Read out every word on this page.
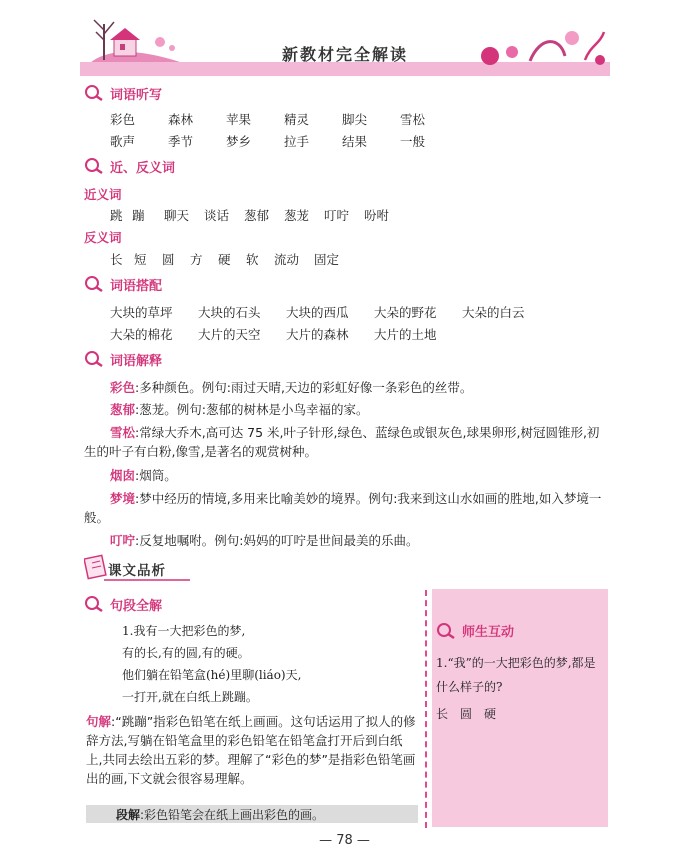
新教材完全解读
词语听写
彩色	森林	苹果	精灵	脚尖	雪松
歌声	季节	梦乡	拉手	结果	一般
近、反义词
近义词
跳 蹦 聊天 谈话 葱郁 葱茏 叮咛 吩咐
反义词
长 短 圆 方 硬 软 流动 固定
词语搭配
大块的草坪 大块的石头 大块的西瓜 大朵的野花 大朵的白云
大朵的棉花 大片的天空 大片的森林 大片的土地
词语解释
彩色:多种颜色。例句:雨过天晴,天边的彩虹好像一条彩色的丝带。
葱郁:葱茏。例句:葱郁的树林是小鸟幸福的家。
雪松:常绿大乔木,高可达 75 米,叶子针形,绿色、蓝绿色或银灰色,球果卵形,树冠圆锥形,初生的叶子有白粉,像雪,是著名的观赏树种。
烟囱:烟筒。
梦境:梦中经历的情境,多用来比喻美妙的境界。例句:我来到这山水如画的胜地,如入梦境一般。
叮咛:反复地嘱咐。例句:妈妈的叮咛是世间最美的乐曲。
课文品析
句段全解
1.我有一大把彩色的梦,
有的长,有的圆,有的硬。
他们躺在铅笔盒(hé)里聊(liáo)天,
一打开,就在白纸上跳蹦。
句解:“跳蹦”指彩色铅笔在纸上画画。这句话运用了拟人的修辞方法,写躺在铅笔盒里的彩色铅笔在铅笔盒打开后到白纸上,共同去绘出五彩的梦。理解了“彩色的梦”是指彩色铅笔画出的画,下文就会很容易理解。
段解:彩色铅笔会在纸上画出彩色的画。
师生互动
1.“我”的一大把彩色的梦,都是什么样子的?
长　圆　硬
— 78 —
